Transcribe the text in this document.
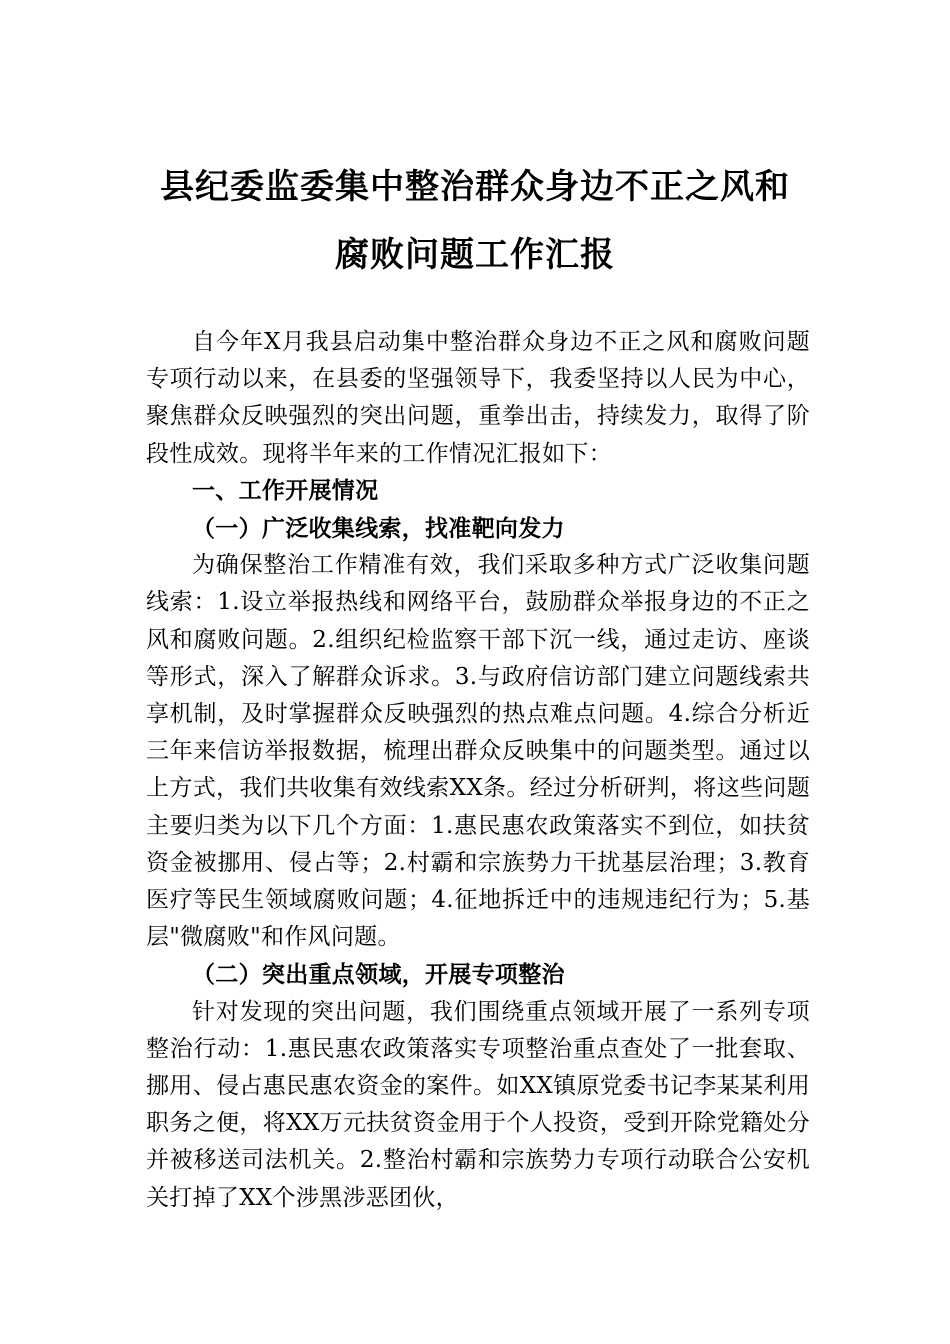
县纪委监委集中整治群众身边不正之风和
腐败问题工作汇报

自今年X月我县启动集中整治群众身边不正之风和腐败问题专项行动以来，在县委的坚强领导下，我委坚持以人民为中心，聚焦群众反映强烈的突出问题，重拳出击，持续发力，取得了阶段性成效。现将半年来的工作情况汇报如下：

一、工作开展情况

（一）广泛收集线索，找准靶向发力

为确保整治工作精准有效，我们采取多种方式广泛收集问题线索：1.设立举报热线和网络平台，鼓励群众举报身边的不正之风和腐败问题。2.组织纪检监察干部下沉一线，通过走访、座谈等形式，深入了解群众诉求。3.与政府信访部门建立问题线索共享机制，及时掌握群众反映强烈的热点难点问题。4.综合分析近三年来信访举报数据，梳理出群众反映集中的问题类型。通过以上方式，我们共收集有效线索XX条。经过分析研判，将这些问题主要归类为以下几个方面：1.惠民惠农政策落实不到位，如扶贫资金被挪用、侵占等；2.村霸和宗族势力干扰基层治理；3.教育医疗等民生领域腐败问题；4.征地拆迁中的违规违纪行为；5.基层"微腐败"和作风问题。

（二）突出重点领域，开展专项整治

针对发现的突出问题，我们围绕重点领域开展了一系列专项整治行动：1.惠民惠农政策落实专项整治重点查处了一批套取、挪用、侵占惠民惠农资金的案件。如XX镇原党委书记李某某利用职务之便，将XX万元扶贫资金用于个人投资，受到开除党籍处分并被移送司法机关。2.整治村霸和宗族势力专项行动联合公安机关打掉了XX个涉黑涉恶团伙，
